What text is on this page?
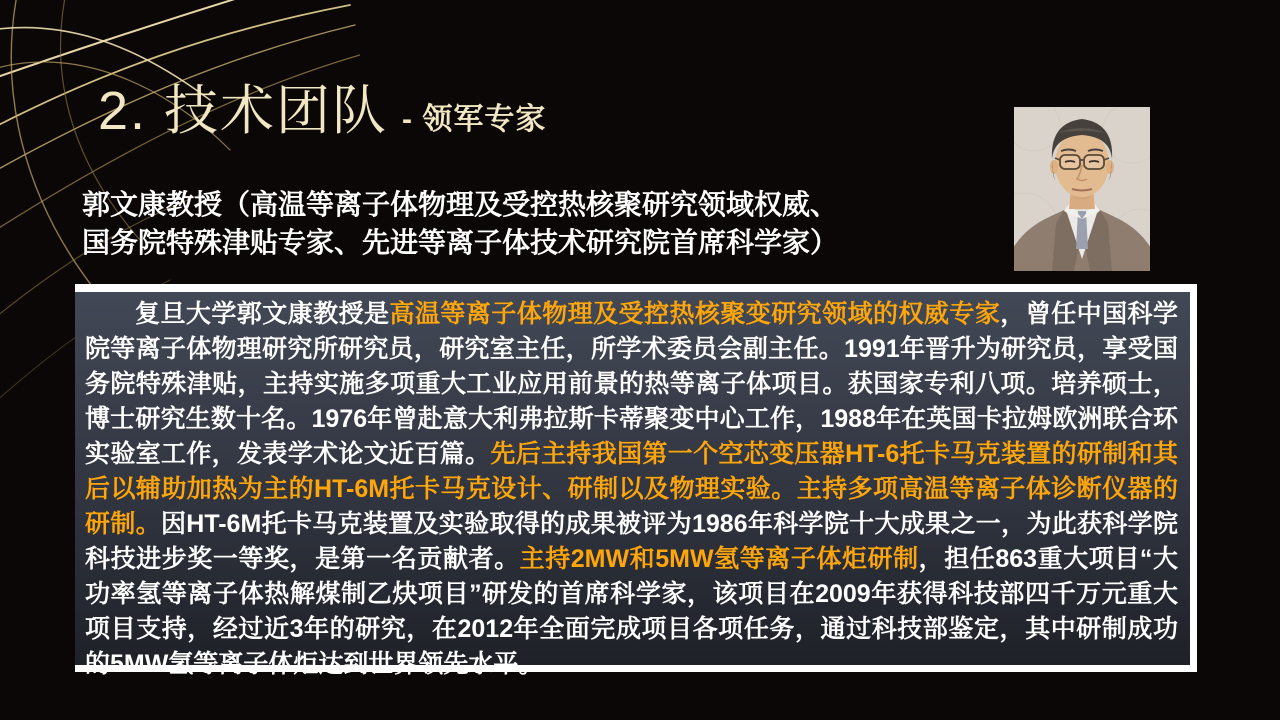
2. 技术团队 - 领军专家
郭文康教授（高温等离子体物理及受控热核聚研究领域权威、
国务院特殊津贴专家、先进等离子体技术研究院首席科学家）

复旦大学郭文康教授是高温等离子体物理及受控热核聚变研究领域的权威专家，曾任中国科学院等离子体物理研究所研究员，研究室主任，所学术委员会副主任。1991年晋升为研究员，享受国务院特殊津贴，主持实施多项重大工业应用前景的热等离子体项目。获国家专利八项。培养硕士，博士研究生数十名。1976年曾赴意大利弗拉斯卡蒂聚变中心工作，1988年在英国卡拉姆欧洲联合环实验室工作，发表学术论文近百篇。先后主持我国第一个空芯变压器HT-6托卡马克装置的研制和其后以辅助加热为主的HT-6M托卡马克设计、研制以及物理实验。主持多项高温等离子体诊断仪器的研制。因HT-6M托卡马克装置及实验取得的成果被评为1986年科学院十大成果之一，为此获科学院科技进步奖一等奖，是第一名贡献者。主持2MW和5MW氢等离子体炬研制，担任863重大项目“大功率氢等离子体热解煤制乙炔项目”研发的首席科学家，该项目在2009年获得科技部四千万元重大项目支持，经过近3年的研究，在2012年全面完成项目各项任务，通过科技部鉴定，其中研制成功的5MW氢等离子体炬达到世界领先水平。
